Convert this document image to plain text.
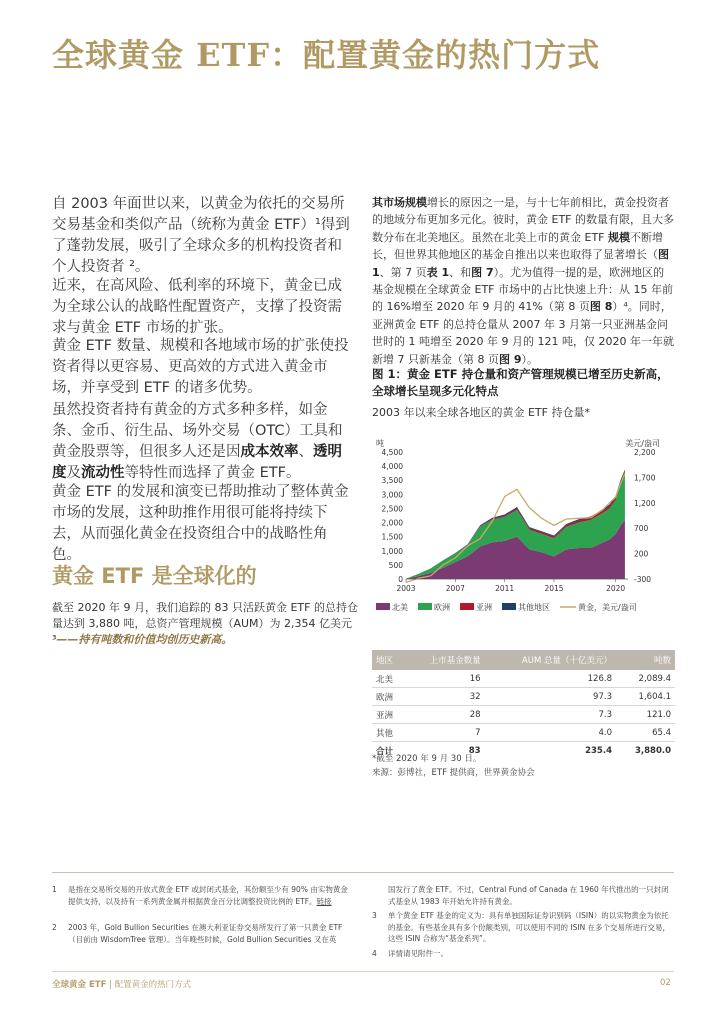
全球黄金 ETF：配置黄金的热门方式

自 2003 年面世以来，以黄金为依托的交易所交易基金和类似产品（统称为黄金 ETF）¹得到了蓬勃发展，吸引了全球众多的机构投资者和个人投资者 ²。

近来，在高风险、低利率的环境下，黄金已成为全球公认的战略性配置资产，支撑了投资需求与黄金 ETF 市场的扩张。

黄金 ETF 数量、规模和各地域市场的扩张使投资者得以更容易、更高效的方式进入黄金市场，并享受到 ETF 的诸多优势。

虽然投资者持有黄金的方式多种多样，如金条、金币、衍生品、场外交易（OTC）工具和黄金股票等，但很多人还是因成本效率、透明度及流动性等特性而选择了黄金 ETF。

黄金 ETF 的发展和演变已帮助推动了整体黄金市场的发展，这种助推作用很可能将持续下去，从而强化黄金在投资组合中的战略性角色。

黄金 ETF 是全球化的
截至 2020 年 9 月，我们追踪的 83 只活跃黄金 ETF 的总持仓量达到 3,880 吨，总资产管理规模（AUM）为 2,354 亿美元 ³——持有吨数和价值均创历史新高。
其市场规模增长的原因之一是，与十七年前相比，黄金投资者的地域分布更加多元化。彼时，黄金 ETF 的数量有限，且大多数分布在北美地区。虽然在北美上市的黄金 ETF 规模不断增长，但世界其他地区的基金自推出以来也取得了显著增长（图 1、第 7 页表 1、和图 7）。尤为值得一提的是，欧洲地区的基金规模在全球黄金 ETF 市场中的占比快速上升：从 15 年前的 16%增至 2020 年 9 月的 41%（第 8 页图 8）⁴。同时，亚洲黄金 ETF 的总持仓量从 2007 年 3 月第一只亚洲基金问世时的 1 吨增至 2020 年 9 月的 121 吨，仅 2020 年一年就新增 7 只新基金（第 8 页图 9）。
图 1：黄金 ETF 持仓量和资产管理规模已增至历史新高，全球增长呈现多元化特点
2003 年以来全球各地区的黄金 ETF 持仓量*
吨	美元/盎司
4,500
4,000
3,500
3,000
2,500
2,000
1,500
1,000
500
0
2,200
1,700
1,200
700
200
-300
2003	2007	2011	2015	2020
北美	欧洲	亚洲	其他地区	黄金，美元/盎司
地区	上市基金数量	AUM 总量（十亿美元）	吨数
北美	16	126.8	2,089.4
欧洲	32	97.3	1,604.1
亚洲	28	7.3	121.0
其他	7	4.0	65.4
合计	83	235.4	3,880.0
*截至 2020 年 9 月 30 日。
来源：彭博社，ETF 提供商，世界黄金协会
1 是指在交易所交易的开放式黄金 ETF 或封闭式基金，其份额至少有 90% 由实物黄金提供支持，以及持有一系列黄金属并根据黄金百分比调整投资比例的 ETF。链接
2 2003 年，Gold Bullion Securities 在澳大利亚证券交易所发行了第一只黄金 ETF（目前由 WisdomTree 管理）。当年晚些时候，Gold Bullion Securities 又在英
国发行了黄金 ETF。不过，Central Fund of Canada 在 1960 年代推出的一只封闭式基金从 1983 年开始允许持有黄金。
3 单个黄金 ETF 基金的定义为：具有单独国际证券识别码（ISIN）的以实物黄金为依托的基金。有些基金具有多个份额类别，可以使用不同的 ISIN 在多个交易所进行交易，这些 ISIN 合称为“基金系列”。
4 详情请见附件一。
全球黄金 ETF | 配置黄金的热门方式	02
